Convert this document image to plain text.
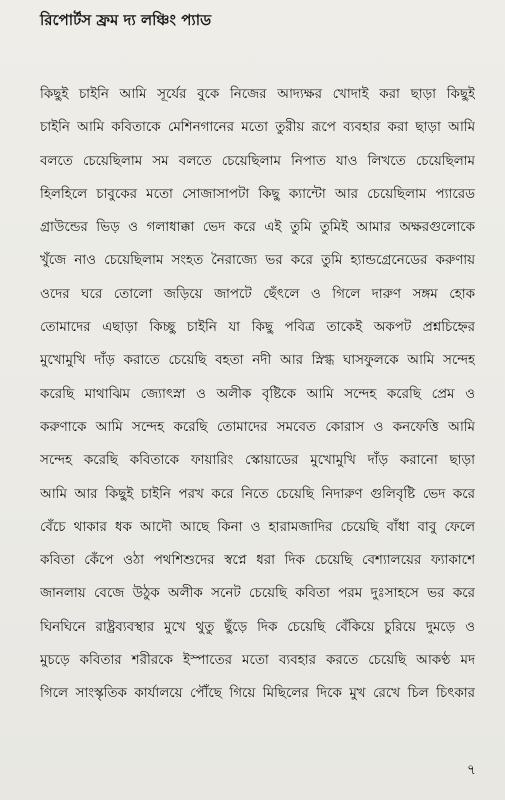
রিপোর্টস ফ্রম দ্য লঞ্চিং প্যাড
কিছুই চাইনি আমি সূর্যের বুকে নিজের আদ্যক্ষর খোদাই করা ছাড়া কিছুই
চাইনি আমি কবিতাকে মেশিনগানের মতো তুরীয় রূপে ব্যবহার করা ছাড়া আমি
বলতে চেয়েছিলাম সম বলতে চেয়েছিলাম নিপাত যাও লিখতে চেয়েছিলাম
হিলহিলে চাবুকের মতো সোজাসাপটা কিছু ক্যান্টো আর চেয়েছিলাম প্যারেড
গ্রাউন্ডের ভিড় ও গলাধাক্কা ভেদ করে এই তুমি তুমিই আমার অক্ষরগুলোকে
খুঁজে নাও চেয়েছিলাম সংহত নৈরাজ্যে ভর করে তুমি হ্যান্ডগ্রেনেডের করুণায়
ওদের ঘরে তোলো জড়িয়ে জাপটে ছেঁৎলে ও গিলে দারুণ সঙ্গম হোক
তোমাদের এছাড়া কিচ্ছু চাইনি যা কিছু পবিত্র তাকেই অকপট প্রশ্নচিহ্নের
মুখোমুখি দাঁড় করাতে চেয়েছি বহতা নদী আর স্নিগ্ধ ঘাসফুলকে আমি সন্দেহ
করেছি মাথাঝিম জ্যোৎস্না ও অলীক বৃষ্টিকে আমি সন্দেহ করেছি প্রেম ও
করুণাকে আমি সন্দেহ করেছি তোমাদের সমবেত কোরাস ও কনফেত্তি আমি
সন্দেহ করেছি কবিতাকে ফায়ারিং স্কোয়াডের মুখোমুখি দাঁড় করানো ছাড়া
আমি আর কিছুই চাইনি পরখ করে নিতে চেয়েছি নিদারুণ গুলিবৃষ্টি ভেদ করে
বেঁচে থাকার ধক আদৌ আছে কিনা ও হারামজাদির চেয়েছি বাঁধা বাবু ফেলে
কবিতা কেঁপে ওঠা পথশিশুদের স্বপ্নে ধরা দিক চেয়েছি বেশ্যালয়ের ফ্যাকাশে
জানলায় বেজে উঠুক অলীক সনেট চেয়েছি কবিতা পরম দুঃসাহসে ভর করে
ঘিনঘিনে রাষ্ট্রব্যবস্থার মুখে থুতু ছুঁড়ে দিক চেয়েছি বেঁকিয়ে চুরিয়ে দুমড়ে ও
মুচড়ে কবিতার শরীরকে ইস্পাতের মতো ব্যবহার করতে চেয়েছি আকণ্ঠ মদ
গিলে সাংস্কৃতিক কার্যালয়ে পৌঁছে গিয়ে মিছিলের দিকে মুখ রেখে চিল চিৎকার
৭
